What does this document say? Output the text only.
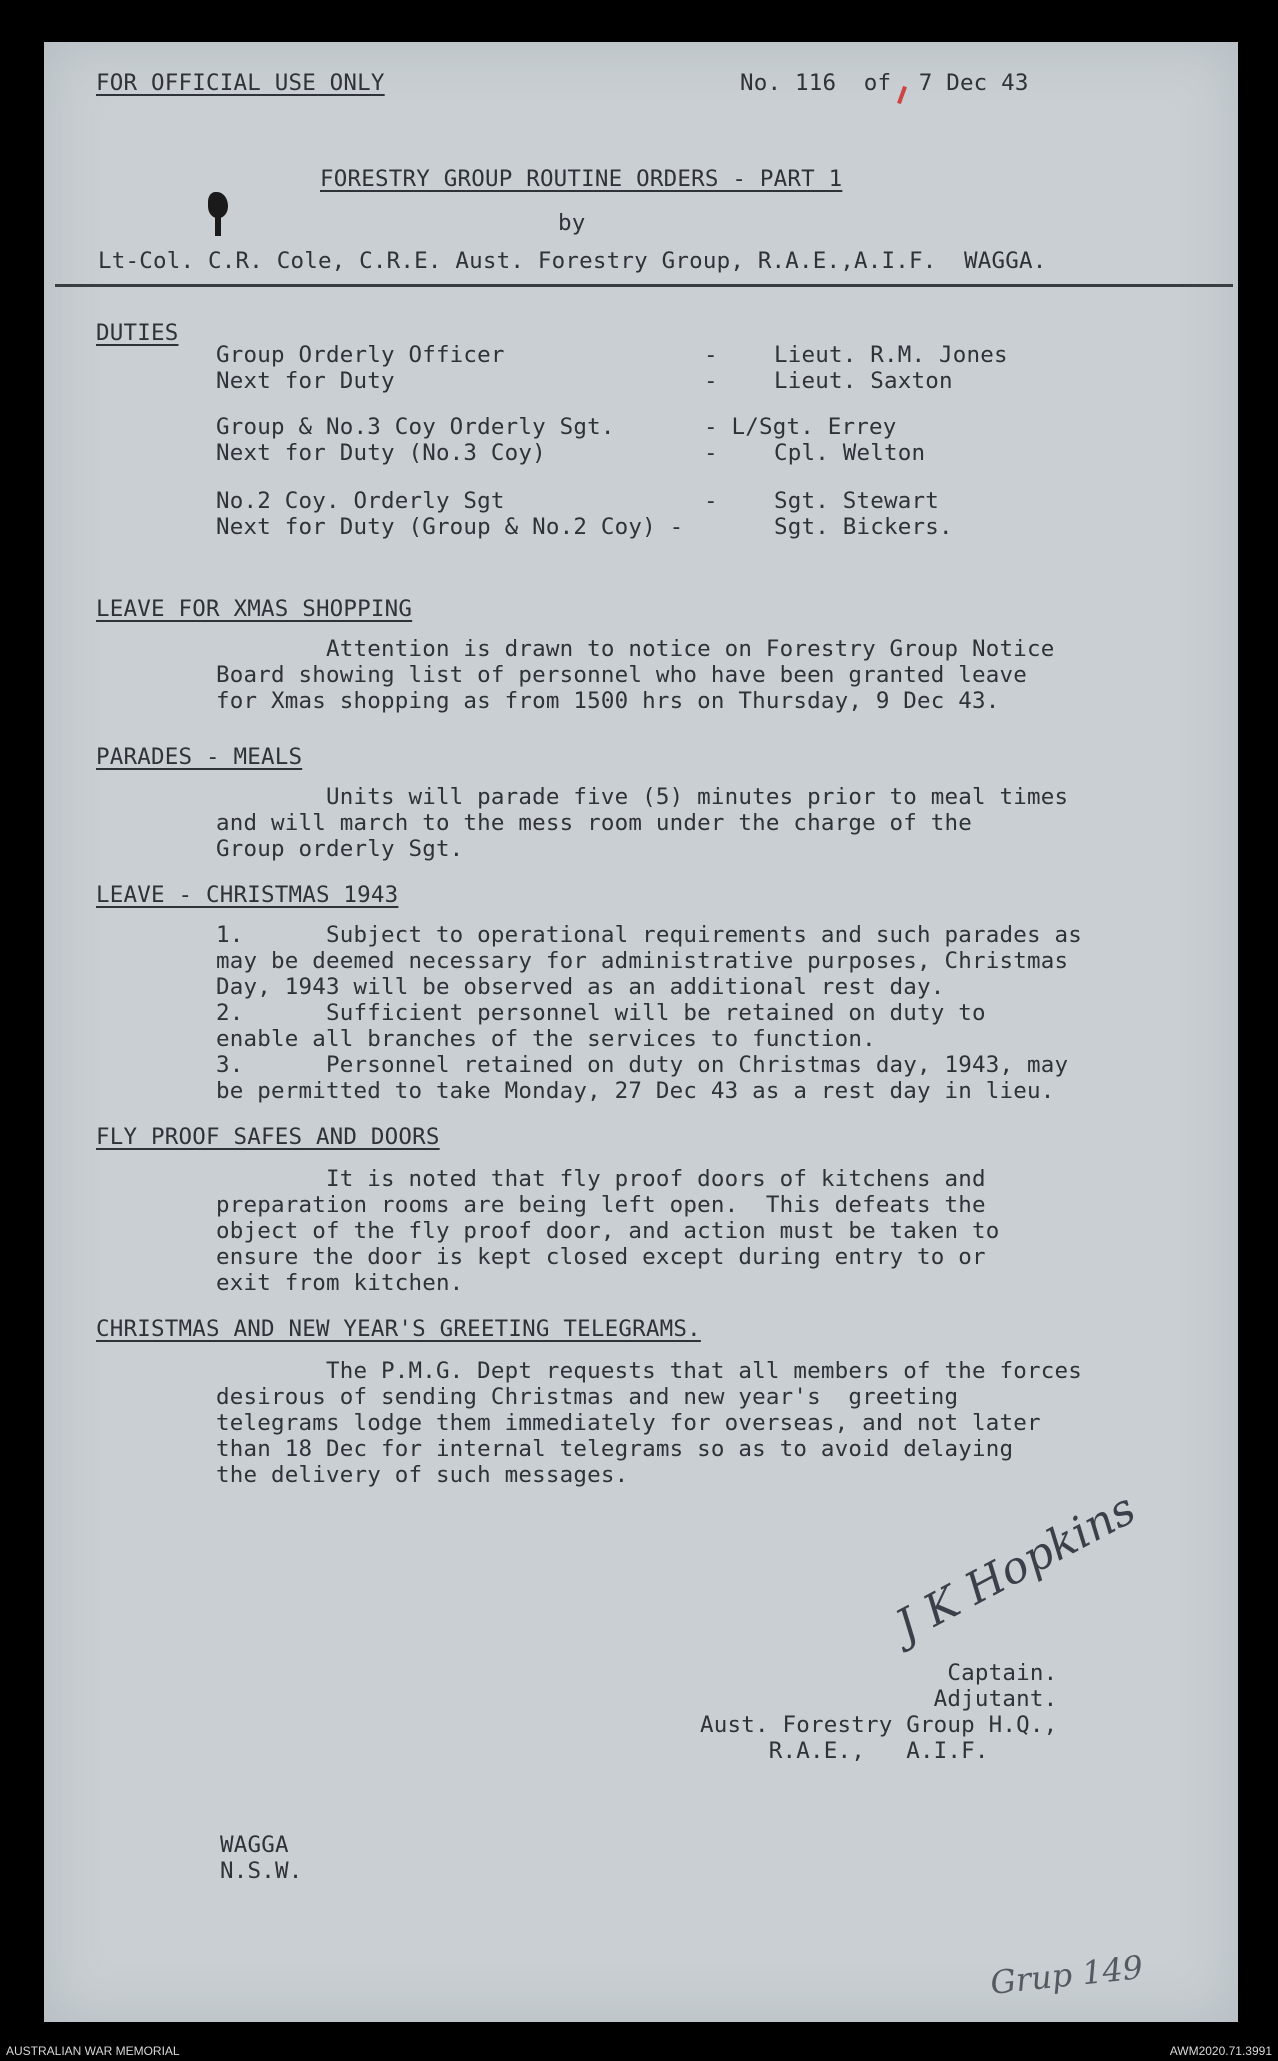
FOR OFFICIAL USE ONLY	No. 116  of  7 Dec 43
FORESTRY GROUP ROUTINE ORDERS - PART 1
by
Lt-Col. C.R. Cole, C.R.E. Aust. Forestry Group, R.A.E.,A.I.F.  WAGGA.
DUTIES
Group Orderly Officer	-	Lieut. R.M. Jones
Next for Duty	-	Lieut. Saxton
Group & No.3 Coy Orderly Sgt.	- L/Sgt. Errey
Next for Duty (No.3 Coy)	-	Cpl. Welton
No.2 Coy. Orderly Sgt	-	Sgt. Stewart
Next for Duty (Group & No.2 Coy) -	Sgt. Bickers.
LEAVE FOR XMAS SHOPPING
Attention is drawn to notice on Forestry Group Notice
Board showing list of personnel who have been granted leave
for Xmas shopping as from 1500 hrs on Thursday, 9 Dec 43.
PARADES - MEALS
Units will parade five (5) minutes prior to meal times
and will march to the mess room under the charge of the
Group orderly Sgt.
LEAVE - CHRISTMAS 1943
1.      Subject to operational requirements and such parades as
may be deemed necessary for administrative purposes, Christmas
Day, 1943 will be observed as an additional rest day.
2.      Sufficient personnel will be retained on duty to
enable all branches of the services to function.
3.      Personnel retained on duty on Christmas day, 1943, may
be permitted to take Monday, 27 Dec 43 as a rest day in lieu.
FLY PROOF SAFES AND DOORS
It is noted that fly proof doors of kitchens and
preparation rooms are being left open.  This defeats the
object of the fly proof door, and action must be taken to
ensure the door is kept closed except during entry to or
exit from kitchen.
CHRISTMAS AND NEW YEAR'S GREETING TELEGRAMS.
The P.M.G. Dept requests that all members of the forces
desirous of sending Christmas and new year's  greeting
telegrams lodge them immediately for overseas, and not later
than 18 Dec for internal telegrams so as to avoid delaying
the delivery of such messages.
J K Hopkins
Captain.
Adjutant.
Aust. Forestry Group H.Q.,
R.A.E.,   A.I.F.
WAGGA
N.S.W.
Grup 149
AUSTRALIAN WAR MEMORIAL	AWM2020.71.3991
